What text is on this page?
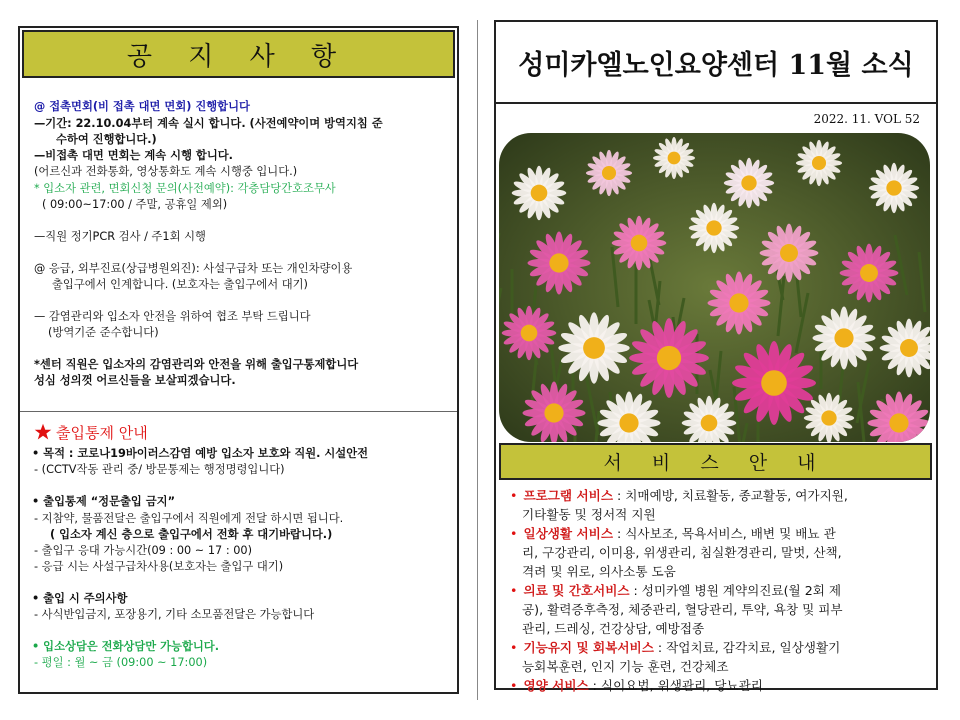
공 지 사 항
@ 접촉면회(비 접촉 대면 면회) 진행합니다
—기간: 22.10.04부터 계속 실시 합니다. (사전예약이며 방역지침 준
수하여 진행합니다.)
—비접촉 대면 면회는 계속 시행 합니다.
(어르신과 전화통화, 영상통화도 계속 시행중 입니다.)
* 입소자 관련, 면회신청 문의(사전예약): 각층담당간호조무사
( 09:00~17:00 / 주말, 공휴일 제외)
—직원 정기PCR 검사 / 주1회 시행
@ 응급, 외부진료(상급병원외진): 사설구급차 또는 개인차량이용
출입구에서 인계합니다. (보호자는 출입구에서 대기)
— 감염관리와 입소자 안전을 위하여 협조 부탁 드립니다
(방역기준 준수합니다)
*센터 직원은 입소자의 감염관리와 안전을 위해 출입구통제합니다
성심 성의껏 어르신들을 보살피겠습니다.
출입통제 안내
• 목적 : 코로나19바이러스감염 예방 입소자 보호와 직원. 시설안전
- (CCTV작동 관리 중/ 방문통제는 행정명령입니다)
• 출입통제 “정문출입 금지”
- 지참약, 물품전달은 출입구에서 직원에게 전달 하시면 됩니다.
( 입소자 계신 층으로 출입구에서 전화 후 대기바랍니다.)
- 출입구 응대 가능시간(09 : 00 ~ 17 : 00)
- 응급 시는 사설구급차사용(보호자는 출입구 대기)
• 출입 시 주의사항
- 사식반입금지, 포장용기, 기타 소모품전달은 가능합니다
• 입소상담은 전화상담만 가능합니다.
- 평일 : 월 ~ 금 (09:00 ~ 17:00)
성미카엘노인요양센터 11월 소식
2022. 11. VOL 52
서 비 스 안 내
• 프로그램 서비스 : 치매예방, 치료활동, 종교활동, 여가지원,
기타활동 및 정서적 지원
• 일상생활 서비스 : 식사보조, 목욕서비스, 배변 및 배뇨 관
리, 구강관리, 이미용, 위생관리, 침실환경관리, 말벗, 산책,
격려 및 위로, 의사소통 도움
• 의료 및 간호서비스 : 성미카엘 병원 계약의진료(월 2회 제
공), 활력증후측정, 체중관리, 혈당관리, 투약, 욕창 및 피부
관리, 드레싱, 건강상담, 예방접종
• 기능유지 및 회복서비스 : 작업치료, 감각치료, 일상생활기
능회복훈련, 인지 기능 훈련, 건강체조
• 영양 서비스 : 식이요법, 위생관리, 당뇨관리
